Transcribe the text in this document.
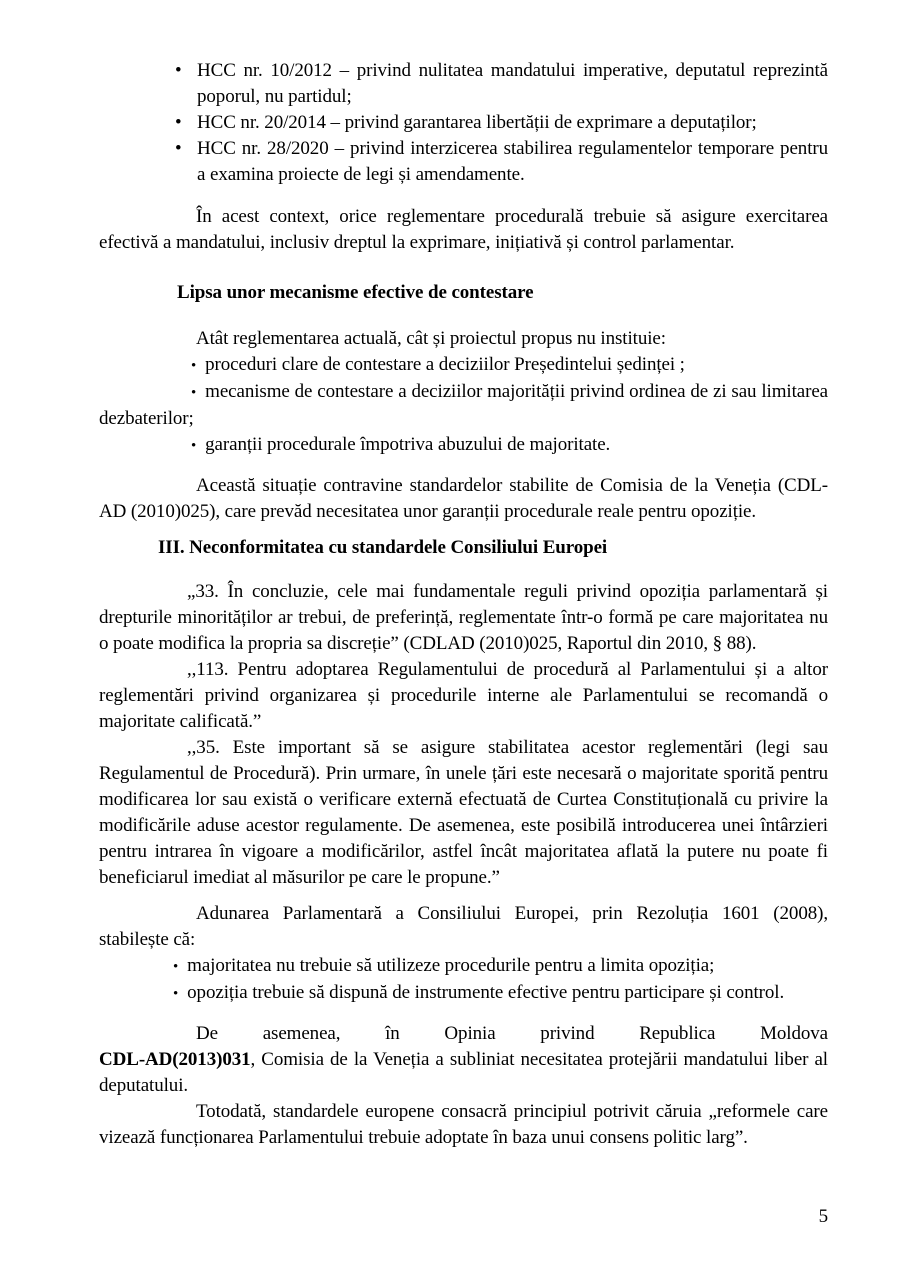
• HCC nr. 10/2012 – privind nulitatea mandatului imperative, deputatul reprezintă poporul, nu partidul;
• HCC nr. 20/2014 – privind garantarea libertății de exprimare a deputaților;
• HCC nr. 28/2020 – privind interzicerea stabilirea regulamentelor temporare pentru a examina proiecte de legi și amendamente.

În acest context, orice reglementare procedurală trebuie să asigure exercitarea efectivă a mandatului, inclusiv dreptul la exprimare, inițiativă și control parlamentar.

Lipsa unor mecanisme efective de contestare

Atât reglementarea actuală, cât și proiectul propus nu instituie:

• proceduri clare de contestare a deciziilor Președintelui ședinței ;
• mecanisme de contestare a deciziilor majorității privind ordinea de zi sau limitarea dezbaterilor;
• garanții procedurale împotriva abuzului de majoritate.

Această situație contravine standardelor stabilite de Comisia de la Veneția (CDL-AD (2010)025), care prevăd necesitatea unor garanții procedurale reale pentru opoziție.

III. Neconformitatea cu standardele Consiliului Europei

„33. În concluzie, cele mai fundamentale reguli privind opoziția parlamentară și drepturile minorităților ar trebui, de preferință, reglementate într-o formă pe care majoritatea nu o poate modifica la propria sa discreție” (CDLAD (2010)025, Raportul din 2010, § 88).

,,113. Pentru adoptarea Regulamentului de procedură al Parlamentului și a altor reglementări privind organizarea și procedurile interne ale Parlamentului se recomandă o majoritate calificată.”

,,35. Este important să se asigure stabilitatea acestor reglementări (legi sau Regulamentul de Procedură). Prin urmare, în unele țări este necesară o majoritate sporită pentru modificarea lor sau există o verificare externă efectuată de Curtea Constituțională cu privire la modificările aduse acestor regulamente. De asemenea, este posibilă introducerea unei întârzieri pentru intrarea în vigoare a modificărilor, astfel încât majoritatea aflată la putere nu poate fi beneficiarul imediat al măsurilor pe care le propune.”

Adunarea Parlamentară a Consiliului Europei, prin Rezoluția 1601 (2008), stabilește că:

• majoritatea nu trebuie să utilizeze procedurile pentru a limita opoziția;
• opoziția trebuie să dispună de instrumente efective pentru participare și control.
De asemenea, în Opinia privind Republica Moldova
CDL-AD(2013)031, Comisia de la Veneția a subliniat necesitatea protejării mandatului liber al deputatului.

Totodată, standardele europene consacră principiul potrivit căruia „reformele care vizează funcționarea Parlamentului trebuie adoptate în baza unui consens politic larg”.

5
